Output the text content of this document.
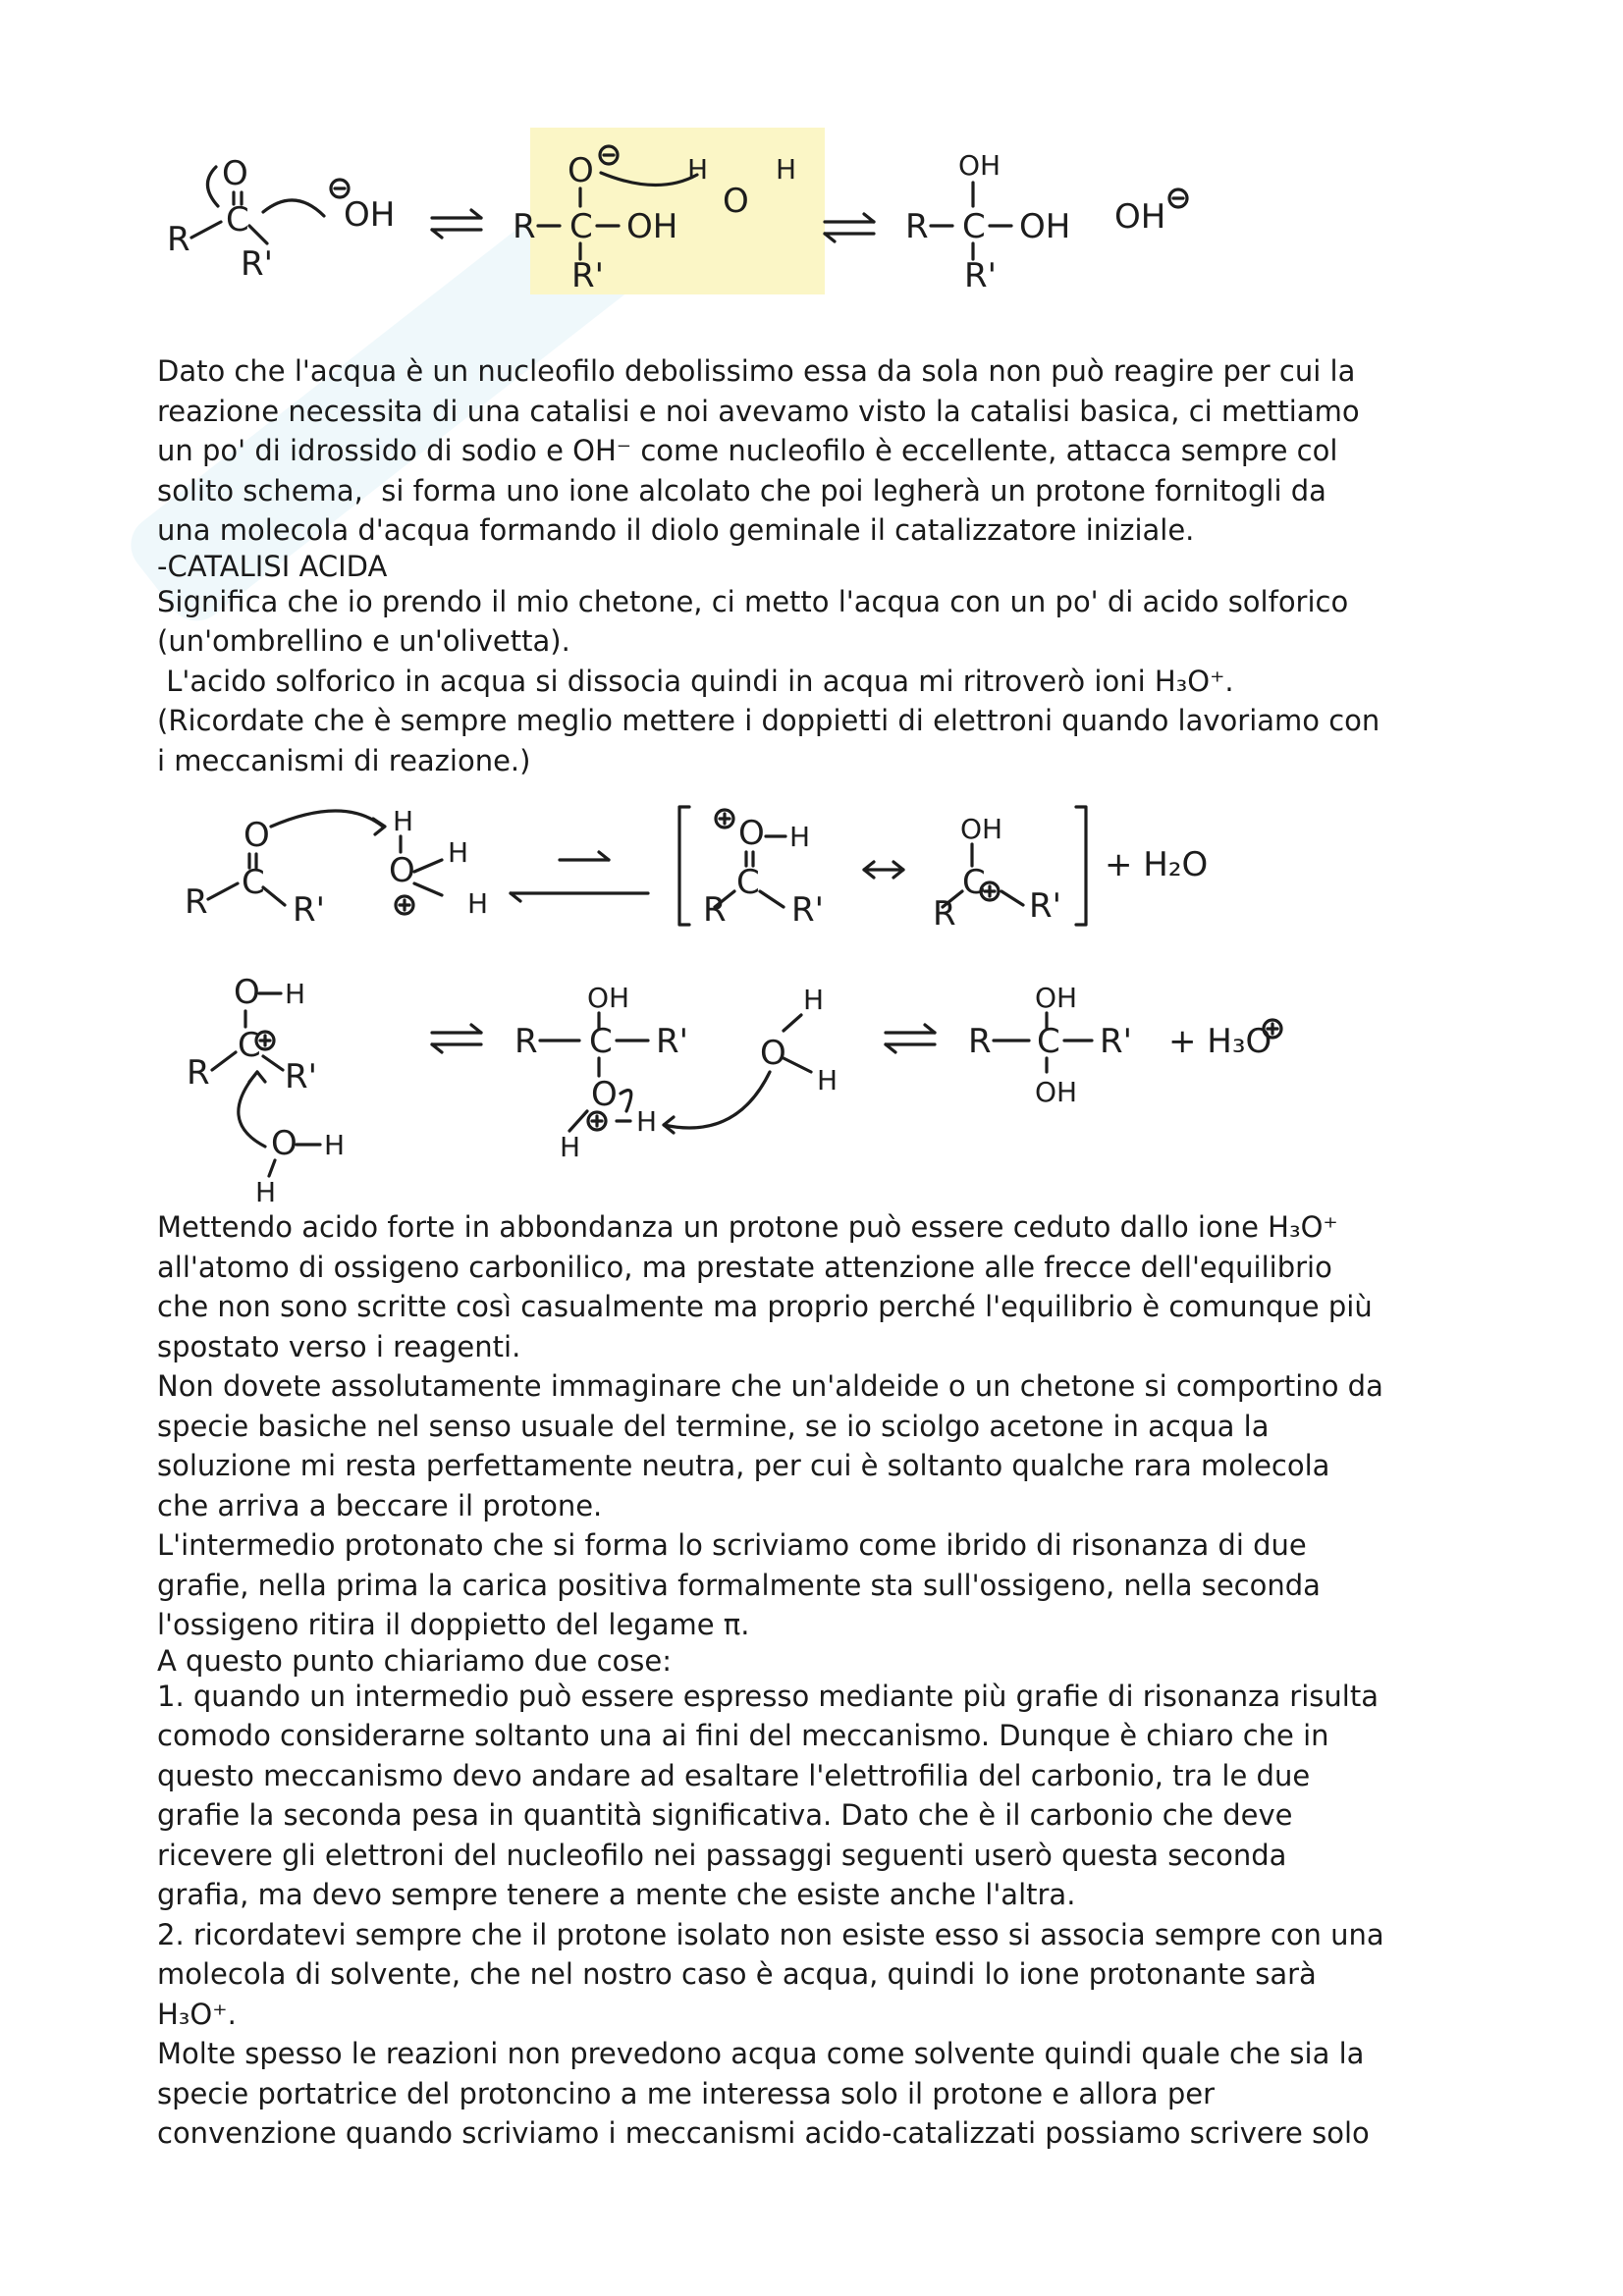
R C
R'
O
OH	R C OH
O
R'
H
O
H
R C OH
OH
R'
OH

Dato che l'acqua è un nucleofilo debolissimo essa da sola non può reagire per cui la

reazione necessita di una catalisi e noi avevamo visto la catalisi basica, ci mettiamo

un po' di idrossido di sodio e OH⁻ come nucleofilo è eccellente, attacca sempre col

solito schema,  si forma uno ione alcolato che poi legherà un protone fornitogli da

una molecola d'acqua formando il diolo geminale il catalizzatore iniziale.

-CATALISI ACIDA

Significa che io prendo il mio chetone, ci metto l'acqua con un po' di acido solforico

(un'ombrellino e un'olivetta).

L'acido solforico in acqua si dissocia quindi in acqua mi ritroverò ioni H₃O⁺.

(Ricordate che è sempre meglio mettere i doppietti di elettroni quando lavoriamo con

i meccanismi di reazione.)

R C
R'
O	H
O H
H
O H
C
R R'
OH
C
R R'
+ H₂O
O H
C
R R'
O H
H
OH
R C R'
O
H
H
H
O
H
OH
R C R'
OH
+ H₃O

Mettendo acido forte in abbondanza un protone può essere ceduto dallo ione H₃O⁺

all'atomo di ossigeno carbonilico, ma prestate attenzione alle frecce dell'equilibrio

che non sono scritte così casualmente ma proprio perché l'equilibrio è comunque più

spostato verso i reagenti.

Non dovete assolutamente immaginare che un'aldeide o un chetone si comportino da

specie basiche nel senso usuale del termine, se io sciolgo acetone in acqua la

soluzione mi resta perfettamente neutra, per cui è soltanto qualche rara molecola

che arriva a beccare il protone.

L'intermedio protonato che si forma lo scriviamo come ibrido di risonanza di due

grafie, nella prima la carica positiva formalmente sta sull'ossigeno, nella seconda

l'ossigeno ritira il doppietto del legame π.

A questo punto chiariamo due cose:

1. quando un intermedio può essere espresso mediante più grafie di risonanza risulta

comodo considerarne soltanto una ai fini del meccanismo. Dunque è chiaro che in

questo meccanismo devo andare ad esaltare l'elettrofilia del carbonio, tra le due

grafie la seconda pesa in quantità significativa. Dato che è il carbonio che deve

ricevere gli elettroni del nucleofilo nei passaggi seguenti userò questa seconda

grafia, ma devo sempre tenere a mente che esiste anche l'altra.

2. ricordatevi sempre che il protone isolato non esiste esso si associa sempre con una

molecola di solvente, che nel nostro caso è acqua, quindi lo ione protonante sarà

H₃O⁺.

Molte spesso le reazioni non prevedono acqua come solvente quindi quale che sia la

specie portatrice del protoncino a me interessa solo il protone e allora per

convenzione quando scriviamo i meccanismi acido-catalizzati possiamo scrivere solo
